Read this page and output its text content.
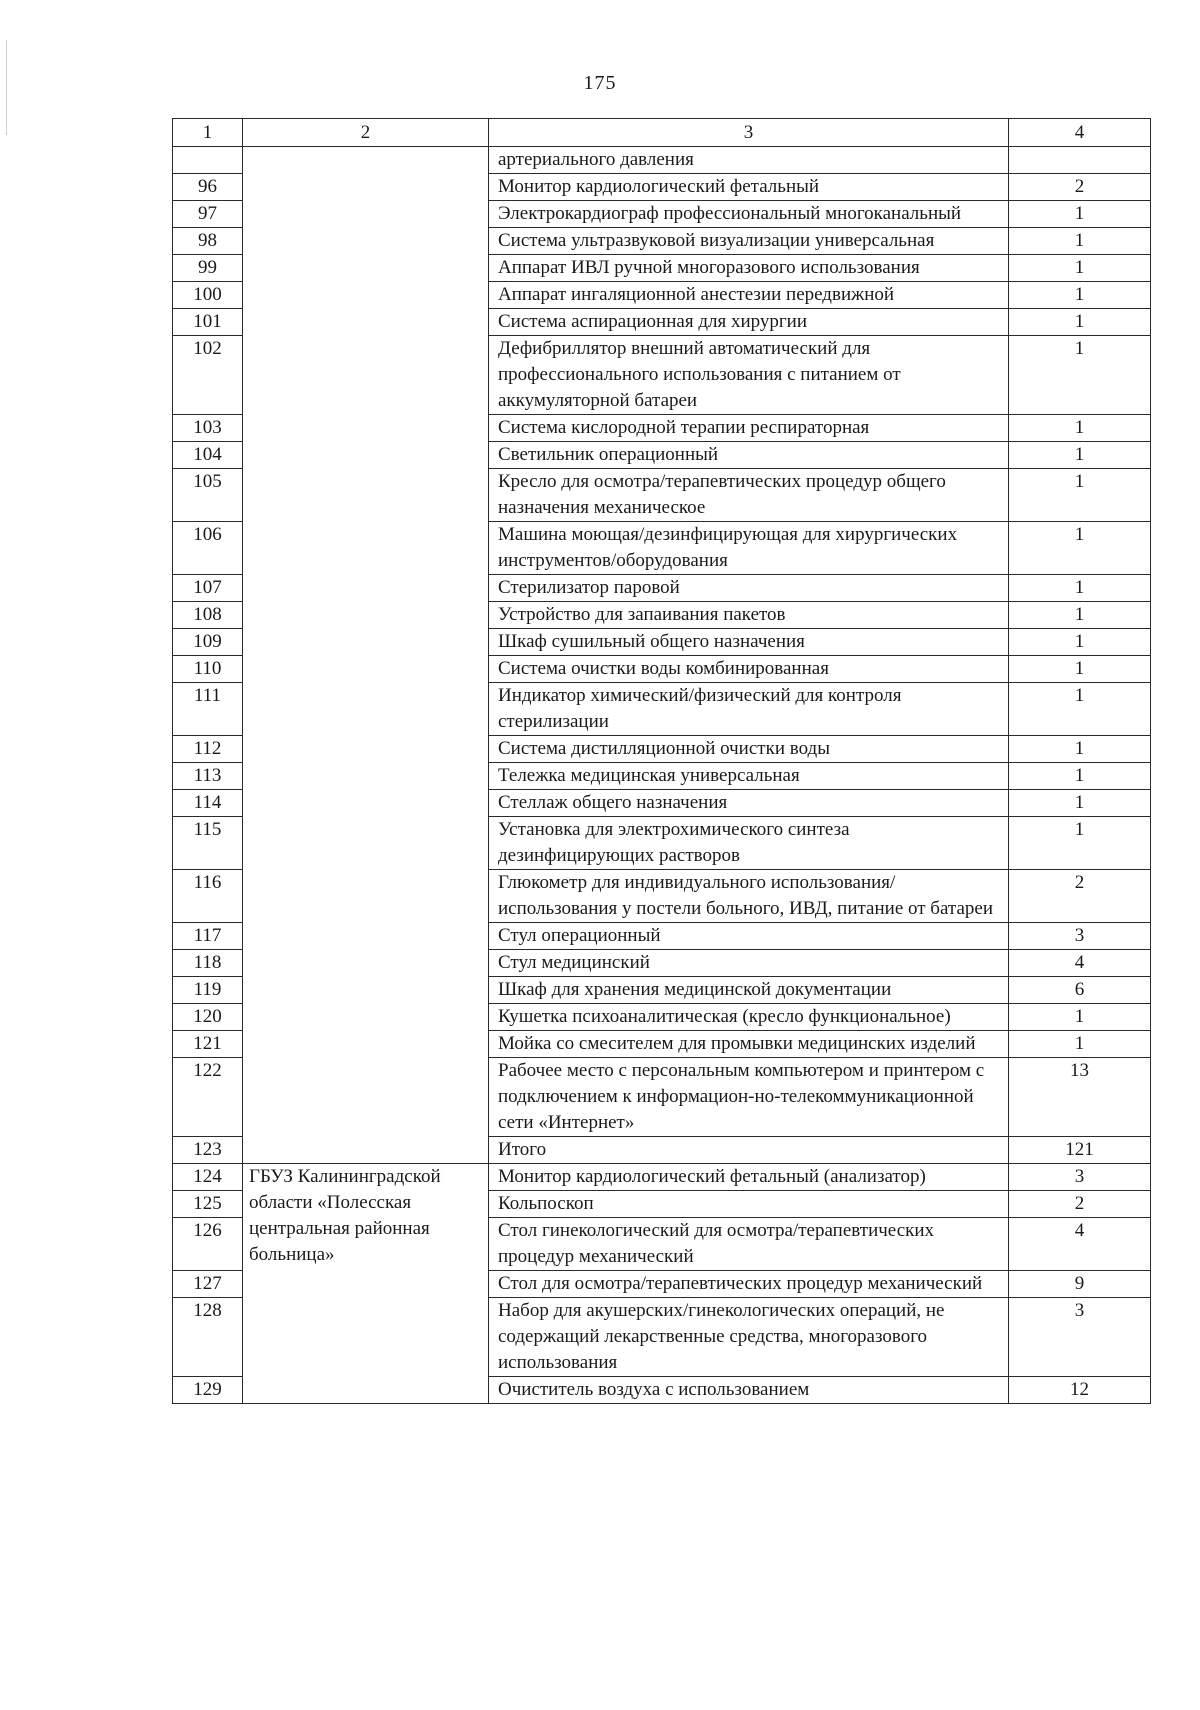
175
1	2	3	4
		артериального давления	
96		Монитор кардиологический фетальный	2
97		Электрокардиограф профессиональный многоканальный	1
98		Система ультразвуковой визуализации универсальная	1
99		Аппарат ИВЛ ручной многоразового использования	1
100		Аппарат ингаляционной анестезии передвижной	1
101		Система аспирационная для хирургии	1
102		Дефибриллятор внешний автоматический для профессионального использования с питанием от аккумуляторной батареи	1
103		Система кислородной терапии респираторная	1
104		Светильник операционный	1
105		Кресло для осмотра/терапевтических процедур общего назначения механическое	1
106		Машина моющая/дезинфицирующая для хирургических инструментов/оборудования	1
107		Стерилизатор паровой	1
108		Устройство для запаивания пакетов	1
109		Шкаф сушильный общего назначения	1
110		Система очистки воды комбинированная	1
111		Индикатор химический/физический для контроля стерилизации	1
112		Система дистилляционной очистки воды	1
113		Тележка медицинская универсальная	1
114		Стеллаж общего назначения	1
115		Установка для электрохимического синтеза дезинфицирующих растворов	1
116		Глюкометр для индивидуального использования/использования у постели больного, ИВД, питание от батареи	2
117		Стул операционный	3
118		Стул медицинский	4
119		Шкаф для хранения медицинской документации	6
120		Кушетка психоаналитическая (кресло функциональное)	1
121		Мойка со смесителем для промывки медицинских изделий	1
122		Рабочее место с персональным компьютером и принтером с подключением к информацион-но-телекоммуникационной сети «Интернет»	13
123		Итого	121
124	ГБУЗ Калининградской области «Полесская центральная районная больница»	Монитор кардиологический фетальный (анализатор)	3
125		Кольпоскоп	2
126		Стол гинекологический для осмотра/терапевтических процедур механический	4
127		Стол для осмотра/терапевтических процедур механический	9
128		Набор для акушерских/гинекологических операций, не содержащий лекарственные средства, многоразового использования	3
129		Очиститель воздуха с использованием	12
